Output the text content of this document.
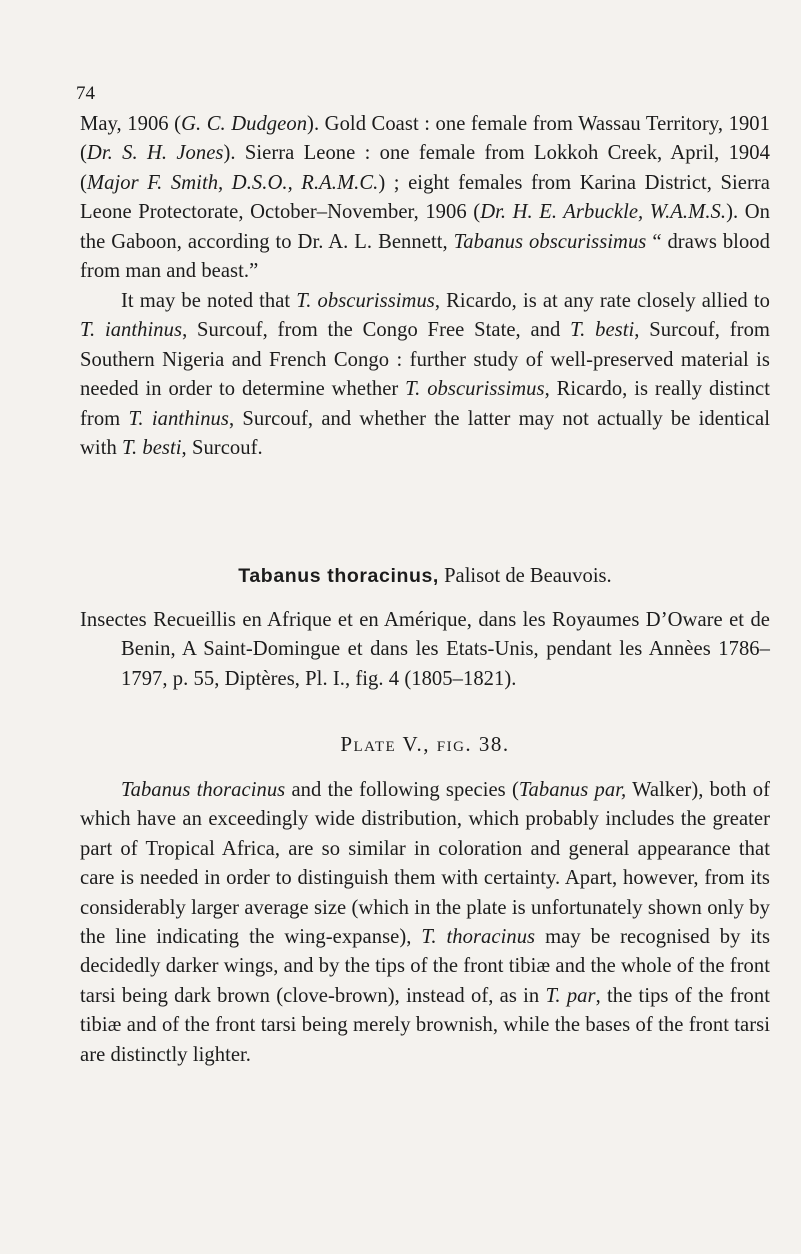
74

May, 1906 (G. C. Dudgeon). Gold Coast : one female from Wassau Territory, 1901 (Dr. S. H. Jones). Sierra Leone : one female from Lokkoh Creek, April, 1904 (Major F. Smith, D.S.O., R.A.M.C.) ; eight females from Karina District, Sierra Leone Protectorate, October–November, 1906 (Dr. H. E. Arbuckle, W.A.M.S.). On the Gaboon, according to Dr. A. L. Bennett, Tabanus obscurissimus “ draws blood from man and beast.”

It may be noted that T. obscurissimus, Ricardo, is at any rate closely allied to T. ianthinus, Surcouf, from the Congo Free State, and T. besti, Surcouf, from Southern Nigeria and French Congo : further study of well-preserved material is needed in order to determine whether T. obscurissimus, Ricardo, is really distinct from T. ianthinus, Surcouf, and whether the latter may not actually be identical with T. besti, Surcouf.

Tabanus thoracinus, Palisot de Beauvois.

Insectes Recueillis en Afrique et en Amérique, dans les Royaumes D’Oware et de Benin, A Saint-Domingue et dans les Etats-Unis, pendant les Annèes 1786–1797, p. 55, Diptères, Pl. I., fig. 4 (1805–1821).

Plate V., fig. 38.

Tabanus thoracinus and the following species (Tabanus par, Walker), both of which have an exceedingly wide distribution, which probably includes the greater part of Tropical Africa, are so similar in coloration and general appearance that care is needed in order to distinguish them with certainty. Apart, however, from its considerably larger average size (which in the plate is unfortunately shown only by the line indicating the wing-expanse), T. thoracinus may be recognised by its decidedly darker wings, and by the tips of the front tibiæ and the whole of the front tarsi being dark brown (clove-brown), instead of, as in T. par, the tips of the front tibiæ and of the front tarsi being merely brownish, while the bases of the front tarsi are distinctly lighter.
